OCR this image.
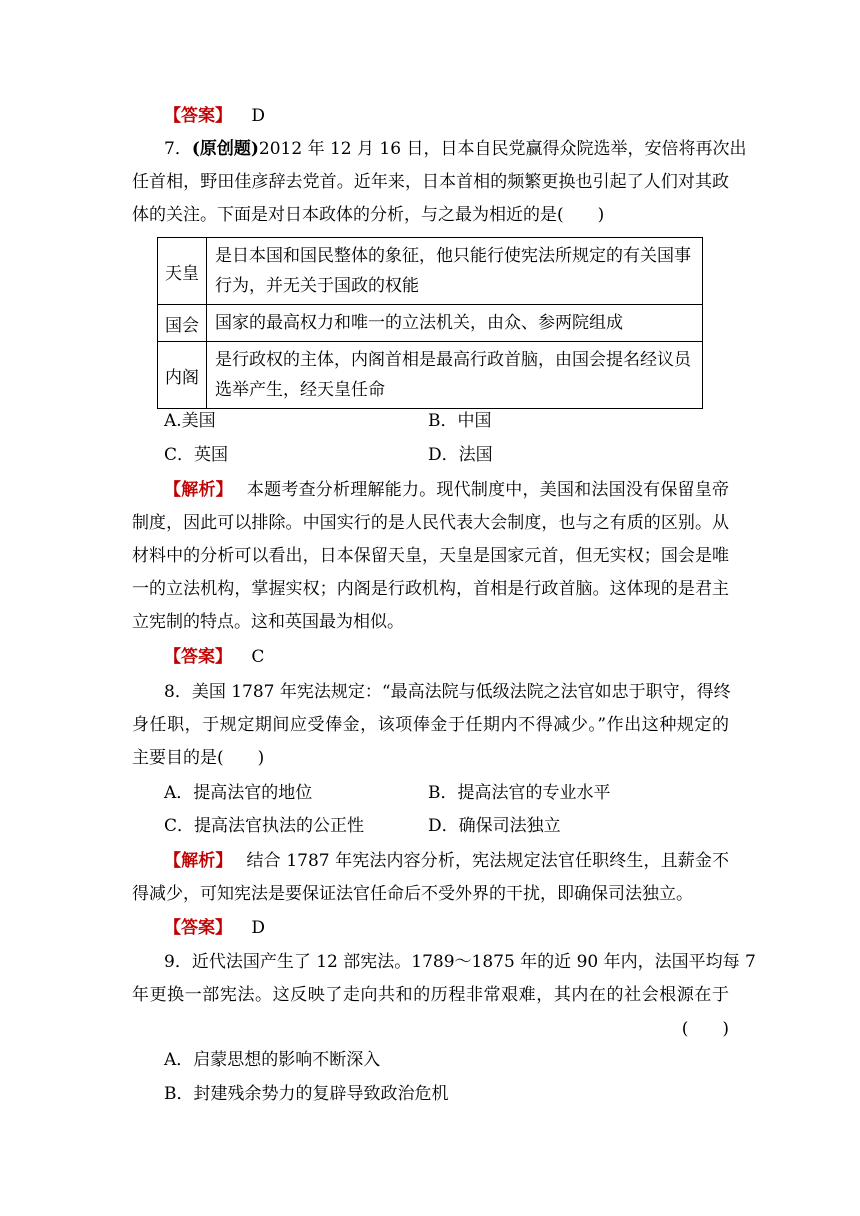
【答案】 D
7．(原创题)2012 年 12 月 16 日，日本自民党赢得众院选举，安倍将再次出
任首相，野田佳彦辞去党首。近年来，日本首相的频繁更换也引起了人们对其政
体的关注。下面是对日本政体的分析，与之最为相近的是(　　)
天皇	是日本国和国民整体的象征，他只能行使宪法所规定的有关国事行为，并无关于国政的权能
国会	国家的最高权力和唯一的立法机关，由众、参两院组成
内阁	是行政权的主体，内阁首相是最高行政首脑，由国会提名经议员选举产生，经天皇任命
A.美国	B．中国
C．英国	D．法国
【解析】 本题考查分析理解能力。现代制度中，美国和法国没有保留皇帝
制度，因此可以排除。中国实行的是人民代表大会制度，也与之有质的区别。从
材料中的分析可以看出，日本保留天皇，天皇是国家元首，但无实权；国会是唯
一的立法机构，掌握实权；内阁是行政机构，首相是行政首脑。这体现的是君主
立宪制的特点。这和英国最为相似。
【答案】 C
8．美国 1787 年宪法规定：“最高法院与低级法院之法官如忠于职守，得终
身任职，于规定期间应受俸金，该项俸金于任期内不得减少。”作出这种规定的
主要目的是(　　)
A．提高法官的地位	B．提高法官的专业水平
C．提高法官执法的公正性	D．确保司法独立
【解析】 结合 1787 年宪法内容分析，宪法规定法官任职终生，且薪金不
得减少，可知宪法是要保证法官任命后不受外界的干扰，即确保司法独立。
【答案】 D
9．近代法国产生了 12 部宪法。1789～1875 年的近 90 年内，法国平均每 7
年更换一部宪法。这反映了走向共和的历程非常艰难，其内在的社会根源在于
(　　)
A．启蒙思想的影响不断深入
B．封建残余势力的复辟导致政治危机
